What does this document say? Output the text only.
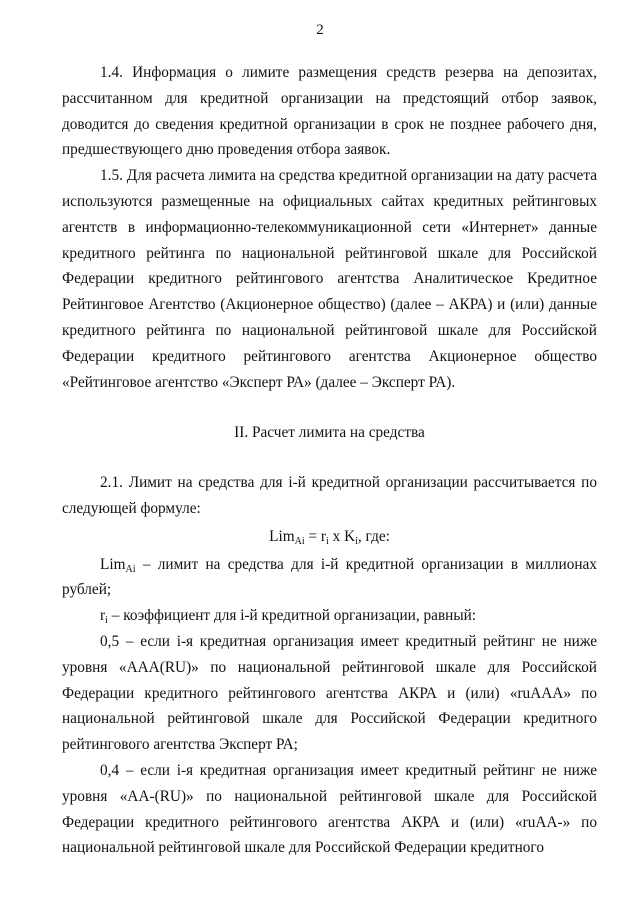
2

1.4. Информация о лимите размещения средств резерва на депозитах, рассчитанном для кредитной организации на предстоящий отбор заявок, доводится до сведения кредитной организации в срок не позднее рабочего дня, предшествующего дню проведения отбора заявок.

1.5. Для расчета лимита на средства кредитной организации на дату расчета используются размещенные на официальных сайтах кредитных рейтинговых агентств в информационно-телекоммуникационной сети «Интернет» данные кредитного рейтинга по национальной рейтинговой шкале для Российской Федерации кредитного рейтингового агентства Аналитическое Кредитное Рейтинговое Агентство (Акционерное общество) (далее – АКРА) и (или) данные кредитного рейтинга по национальной рейтинговой шкале для Российской Федерации кредитного рейтингового агентства Акционерное общество «Рейтинговое агентство «Эксперт РА» (далее – Эксперт РА).

II. Расчет лимита на средства

2.1. Лимит на средства для i-й кредитной организации рассчитывается по следующей формуле:

$Lim_{Ai} = r_i$ x $K_i$, где:

Lim$_{Ai}$ – лимит на средства для i-й кредитной организации в миллионах рублей;

$r_i$ – коэффициент для i-й кредитной организации, равный:

0,5 – если i-я кредитная организация имеет кредитный рейтинг не ниже уровня «AAA(RU)» по национальной рейтинговой шкале для Российской Федерации кредитного рейтингового агентства АКРА и (или) «ruAAA» по национальной рейтинговой шкале для Российской Федерации кредитного рейтингового агентства Эксперт РА;

0,4 – если i-я кредитная организация имеет кредитный рейтинг не ниже уровня «AA-(RU)» по национальной рейтинговой шкале для Российской Федерации кредитного рейтингового агентства АКРА и (или) «ruAA-» по национальной рейтинговой шкале для Российской Федерации кредитного
